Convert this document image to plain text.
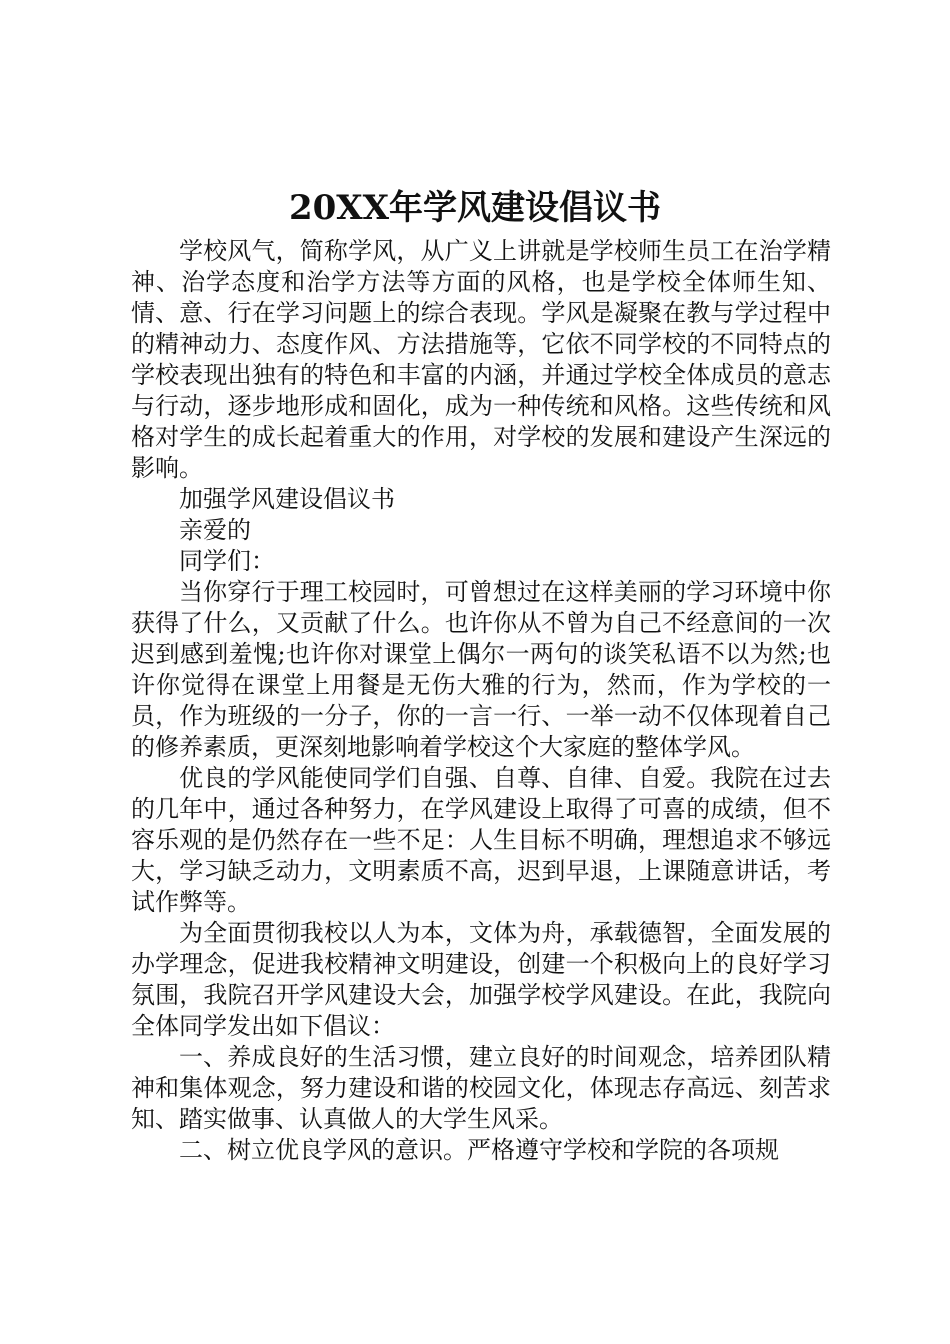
20XX年学风建设倡议书

学校风气，简称学风，从广义上讲就是学校师生员工在治学精神、治学态度和治学方法等方面的风格，也是学校全体师生知、情、意、行在学习问题上的综合表现。学风是凝聚在教与学过程中的精神动力、态度作风、方法措施等，它依不同学校的不同特点的学校表现出独有的特色和丰富的内涵，并通过学校全体成员的意志与行动，逐步地形成和固化，成为一种传统和风格。这些传统和风格对学生的成长起着重大的作用，对学校的发展和建设产生深远的影响。

加强学风建设倡议书

亲爱的

同学们：

当你穿行于理工校园时，可曾想过在这样美丽的学习环境中你获得了什么，又贡献了什么。也许你从不曾为自己不经意间的一次迟到感到羞愧;也许你对课堂上偶尔一两句的谈笑私语不以为然;也许你觉得在课堂上用餐是无伤大雅的行为，然而，作为学校的一员，作为班级的一分子，你的一言一行、一举一动不仅体现着自己的修养素质，更深刻地影响着学校这个大家庭的整体学风。

优良的学风能使同学们自强、自尊、自律、自爱。我院在过去的几年中，通过各种努力，在学风建设上取得了可喜的成绩，但不容乐观的是仍然存在一些不足：人生目标不明确，理想追求不够远大，学习缺乏动力，文明素质不高，迟到早退，上课随意讲话，考试作弊等。

为全面贯彻我校以人为本，文体为舟，承载德智，全面发展的办学理念，促进我校精神文明建设，创建一个积极向上的良好学习氛围，我院召开学风建设大会，加强学校学风建设。在此，我院向全体同学发出如下倡议：

一、养成良好的生活习惯，建立良好的时间观念，培养团队精神和集体观念，努力建设和谐的校园文化，体现志存高远、刻苦求知、踏实做事、认真做人的大学生风采。

二、树立优良学风的意识。严格遵守学校和学院的各项规
